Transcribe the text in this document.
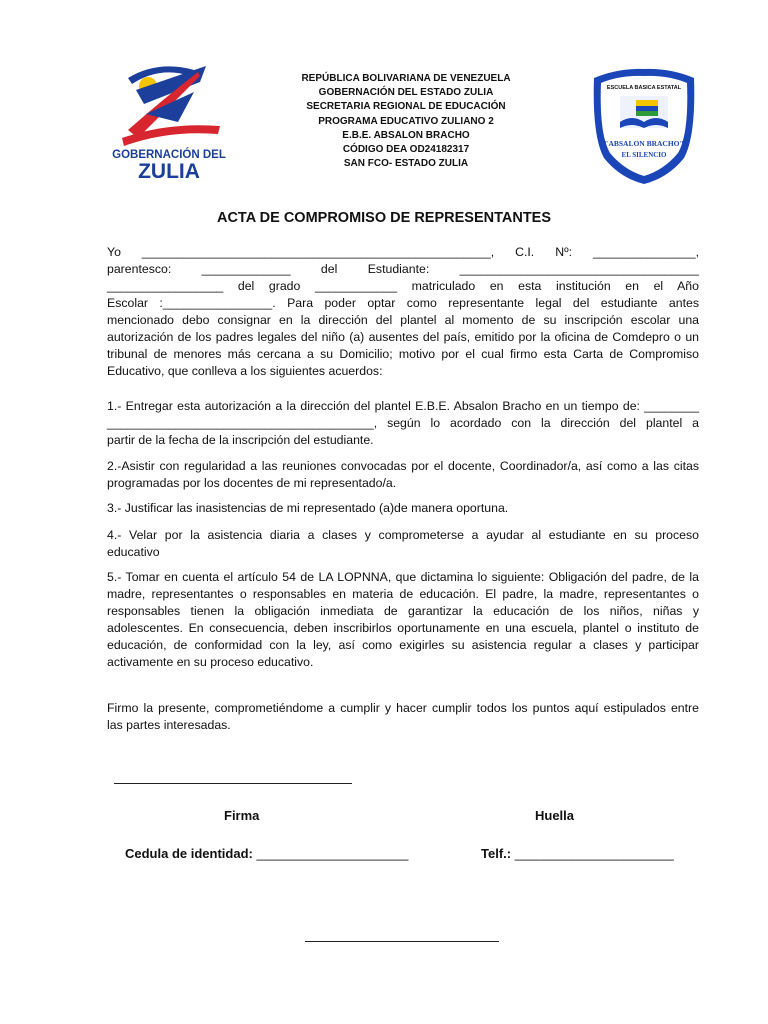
GOBERNACIÓN DEL
ZULIA
REPÚBLICA BOLIVARIANA DE VENEZUELA
GOBERNACIÓN DEL ESTADO ZULIA
SECRETARIA REGIONAL DE EDUCACIÓN
PROGRAMA EDUCATIVO ZULIANO 2
E.B.E. ABSALON BRACHO
CÓDIGO DEA OD24182317
SAN FCO- ESTADO ZULIA
ESCUELA BASICA ESTATAL
"ABSALON BRACHO"
EL SILENCIO
ACTA DE COMPROMISO DE REPRESENTANTES
Yo ___________________________________________________, C.I. Nº: _______________,
parentesco: _____________ del Estudiante: ___________________________________
_________________ del grado ____________ matriculado en esta institución en el Año
Escolar :________________. Para poder optar como representante legal del estudiante antes
mencionado debo consignar en la dirección del plantel al momento de su inscripción escolar una
autorización de los padres legales del niño (a) ausentes del país, emitido por la oficina de Comdepro o un
tribunal de menores más cercana a su Domicilio; motivo por el cual firmo esta Carta de Compromiso
Educativo, que conlleva a los siguientes acuerdos:
1.- Entregar esta autorización a la dirección del plantel E.B.E. Absalon Bracho en un tiempo de: ________
_______________________________________, según lo acordado con la dirección del plantel a
partir de la fecha de la inscripción del estudiante.
2.-Asistir con regularidad a las reuniones convocadas por el docente, Coordinador/a, así como a las citas
programadas por los docentes de mi representado/a.
3.- Justificar las inasistencias de mi representado (a)de manera oportuna.
4.- Velar por la asistencia diaria a clases y comprometerse a ayudar al estudiante en su proceso
educativo
5.- Tomar en cuenta el artículo 54 de LA LOPNNA, que dictamina lo siguiente: Obligación del padre, de la
madre, representantes o responsables en materia de educación. El padre, la madre, representantes o
responsables tienen la obligación inmediata de garantizar la educación de los niños, niñas y
adolescentes. En consecuencia, deben inscribirlos oportunamente en una escuela, plantel o instituto de
educación, de conformidad con la ley, así como exigirles su asistencia regular a clases y participar
activamente en su proceso educativo.
Firmo la presente, comprometiéndome a cumplir y hacer cumplir todos los puntos aquí estipulados entre
las partes interesadas.
Firma	Huella
Cedula de identidad: _____________________	Telf.: ______________________
